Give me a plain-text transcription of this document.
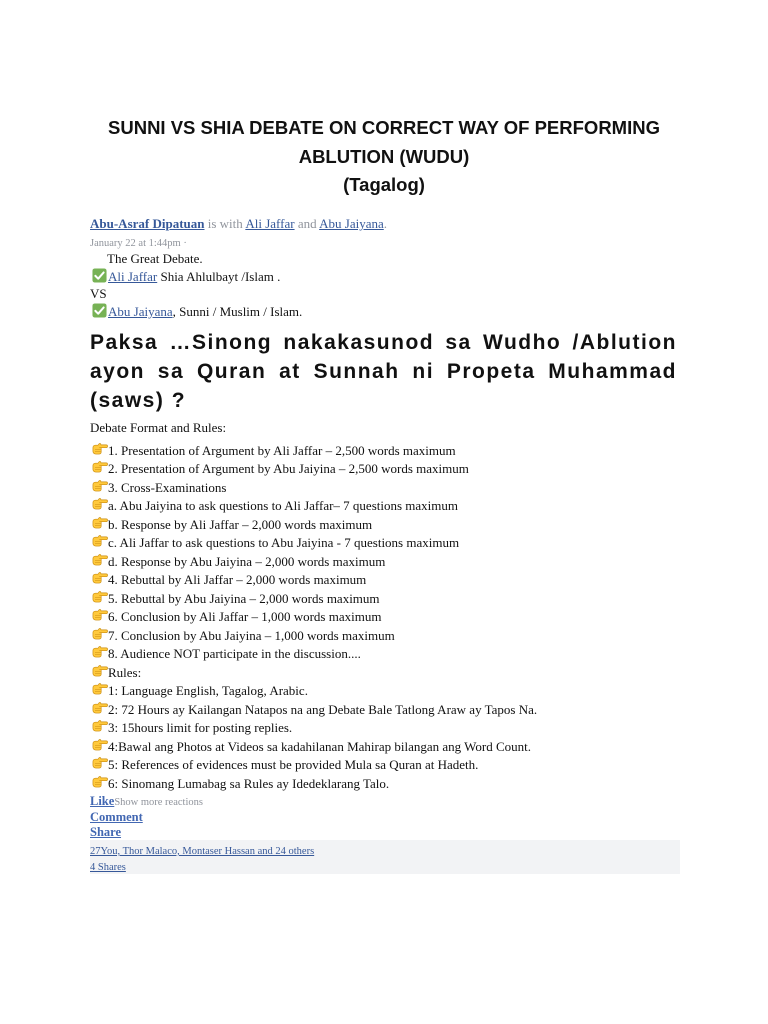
SUNNI VS SHIA DEBATE ON CORRECT WAY OF PERFORMING
ABLUTION (WUDU)
(Tagalog)
Abu-Asraf Dipatuan is with Ali Jaffar and Abu Jaiyana.
January 22 at 1:44pm ·
The Great Debate.
Ali Jaffar Shia Ahlulbayt /Islam .
VS
Abu Jaiyana, Sunni / Muslim / Islam.
Paksa …Sinong nakakasunod sa Wudho /Ablution
ayon sa Quran at Sunnah ni Propeta Muhammad
(saws) ?
Debate Format and Rules:
1. Presentation of Argument by Ali Jaffar – 2,500 words maximum
2. Presentation of Argument by Abu Jaiyina – 2,500 words maximum
3. Cross-Examinations
a. Abu Jaiyina to ask questions to Ali Jaffar– 7 questions maximum
b. Response by Ali Jaffar – 2,000 words maximum
c. Ali Jaffar to ask questions to Abu Jaiyina - 7 questions maximum
d. Response by Abu Jaiyina – 2,000 words maximum
4. Rebuttal by Ali Jaffar – 2,000 words maximum
5. Rebuttal by Abu Jaiyina – 2,000 words maximum
6. Conclusion by Ali Jaffar – 1,000 words maximum
7. Conclusion by Abu Jaiyina – 1,000 words maximum
8. Audience NOT participate in the discussion....
Rules:
1: Language English, Tagalog, Arabic.
2: 72 Hours ay Kailangan Natapos na ang Debate Bale Tatlong Araw ay Tapos Na.
3: 15hours limit for posting replies.
4:Bawal ang Photos at Videos sa kadahilanan Mahirap bilangan ang Word Count.
5: References of evidences must be provided Mula sa Quran at Hadeth.
6: Sinomang Lumabag sa Rules ay Idedeklarang Talo.
LikeShow more reactions
Comment
Share
27You, Thor Malaco, Montaser Hassan and 24 others
4 Shares
